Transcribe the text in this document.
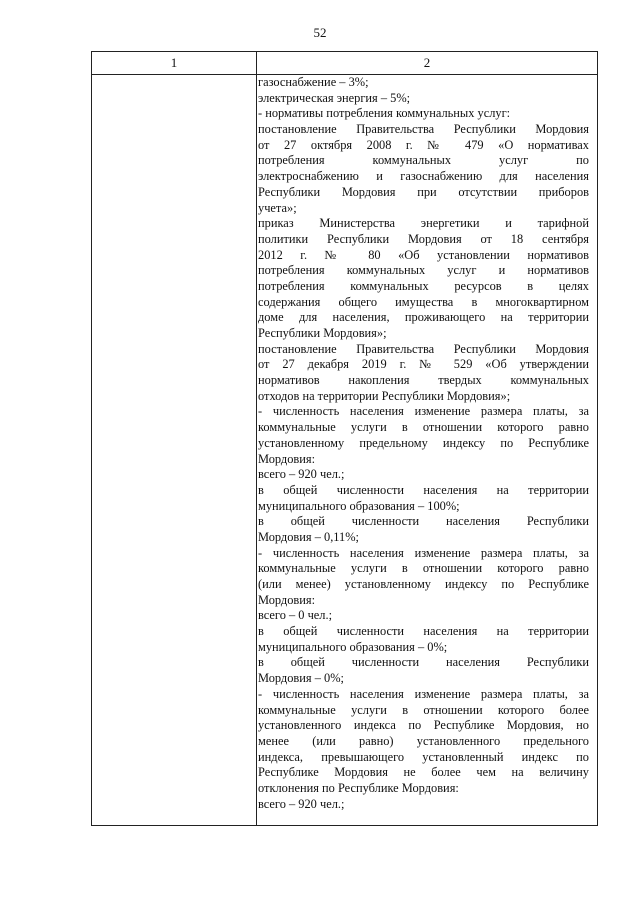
52
1	2
газоснабжение – 3%;
электрическая энергия – 5%;
- нормативы потребления коммунальных услуг:
постановление Правительства Республики Мордовия
от 27 октября 2008 г. № 479 «О нормативах
потребления коммунальных услуг по
электроснабжению и газоснабжению для населения
Республики Мордовия при отсутствии приборов
учета»;
приказ Министерства энергетики и тарифной
политики Республики Мордовия от 18 сентября
2012 г. № 80 «Об установлении нормативов
потребления коммунальных услуг и нормативов
потребления коммунальных ресурсов в целях
содержания общего имущества в многоквартирном
доме для населения, проживающего на территории
Республики Мордовия»;
постановление Правительства Республики Мордовия
от 27 декабря 2019 г. № 529 «Об утверждении
нормативов накопления твердых коммунальных
отходов на территории Республики Мордовия»;
- численность населения изменение размера платы, за
коммунальные услуги в отношении которого равно
установленному предельному индексу по Республике
Мордовия:
всего – 920 чел.;
в общей численности населения на территории
муниципального образования – 100%;
в общей численности населения Республики
Мордовия – 0,11%;
- численность населения изменение размера платы, за
коммунальные услуги в отношении которого равно
(или менее) установленному индексу по Республике
Мордовия:
всего – 0 чел.;
в общей численности населения на территории
муниципального образования – 0%;
в общей численности населения Республики
Мордовия – 0%;
- численность населения изменение размера платы, за
коммунальные услуги в отношении которого более
установленного индекса по Республике Мордовия, но
менее (или равно) установленного предельного
индекса, превышающего установленный индекс по
Республике Мордовия не более чем на величину
отклонения по Республике Мордовия:
всего – 920 чел.;
